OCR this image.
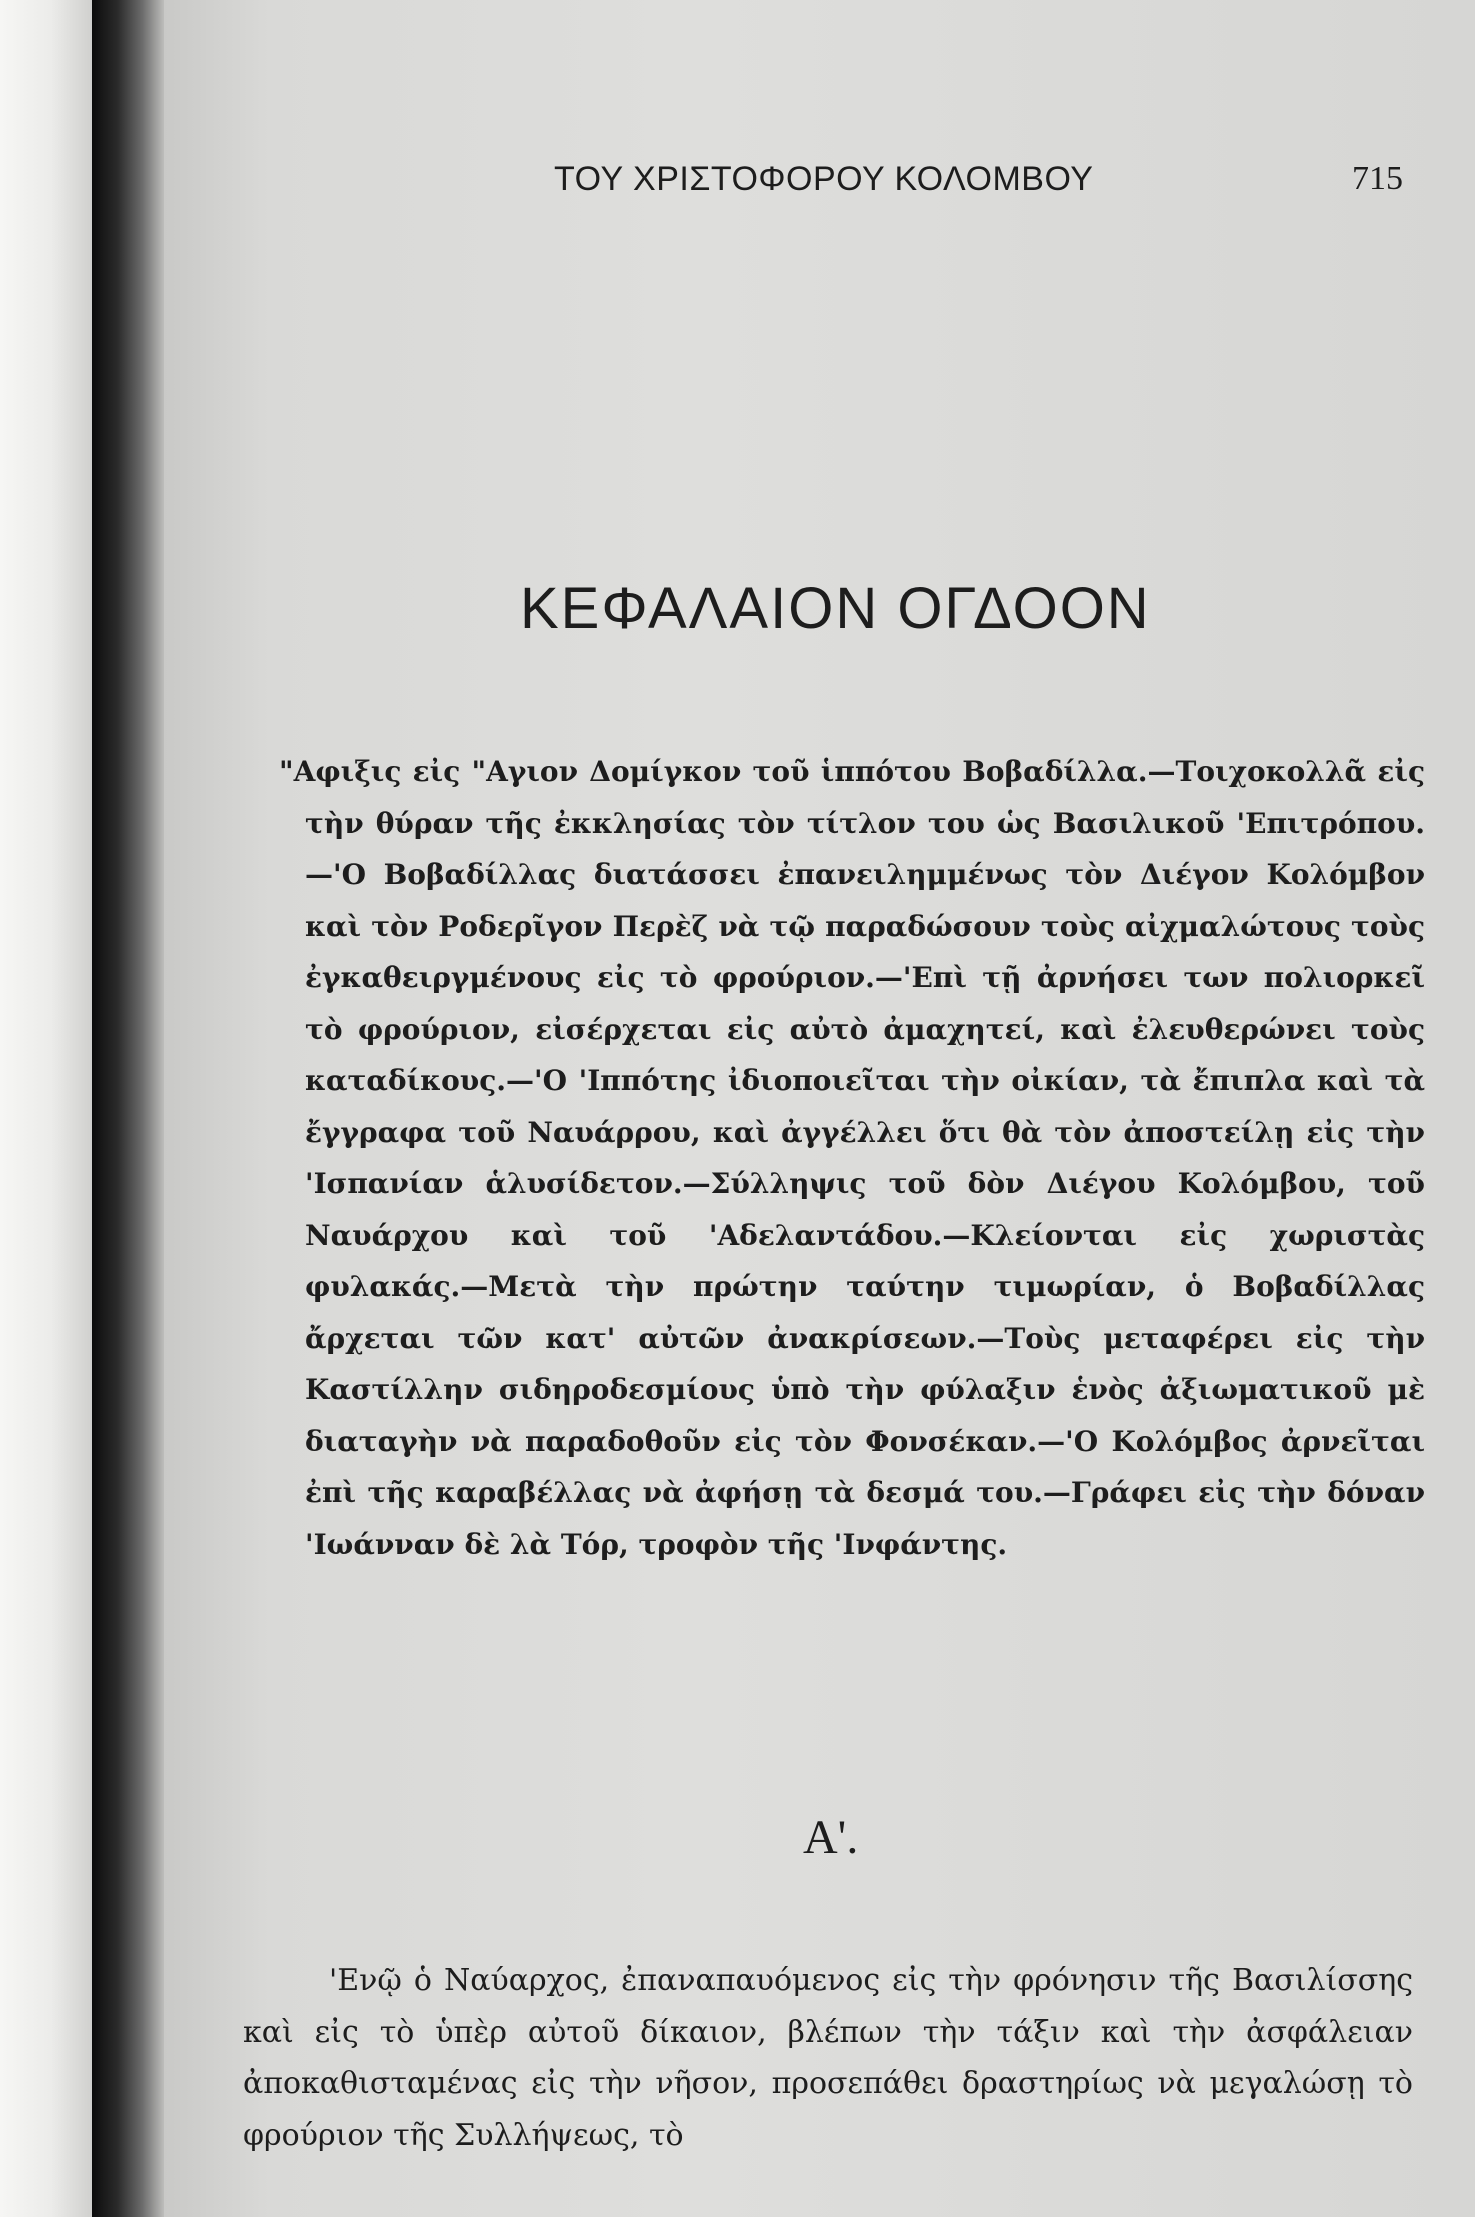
ΤΟΥ ΧΡΙΣΤΟΦΟΡΟΥ ΚΟΛΟΜΒΟΥ	715
ΚΕΦΑΛΑΙΟΝ ΟΓΔΟΟΝ

"Αφιξις εἰς "Αγιον Δομίγκον τοῦ ἱππότου Βοβαδίλλα.—Τοιχοκολλᾶ εἰς τὴν θύραν τῆς ἐκκλησίας τὸν τίτλον του ὡς Βασιλικοῦ 'Επιτρόπου.—'Ο Βοβαδίλλας διατάσσει ἐπανειλημμένως τὸν Διέγον Κολόμβον καὶ τὸν Ροδερῖγον Περὲζ νὰ τῷ παραδώσουν τοὺς αἰχμαλώτους τοὺς ἐγκαθειργμένους εἰς τὸ φρούριον.—'Επὶ τῇ ἀρνήσει των πολιορκεῖ τὸ φρούριον, εἰσέρχεται εἰς αὐτὸ ἀμαχητεί, καὶ ἐλευθερώνει τοὺς καταδίκους.—'Ο 'Ιππότης ἰδιοποιεῖται τὴν οἰκίαν, τὰ ἔπιπλα καὶ τὰ ἔγγραφα τοῦ Ναυάρρου, καὶ ἀγγέλλει ὅτι θὰ τὸν ἀποστείλῃ εἰς τὴν 'Ισπανίαν ἁλυσίδετον.—Σύλληψις τοῦ δὸν Διέγου Κολόμβου, τοῦ Ναυάρχου καὶ τοῦ 'Αδελαντάδου.—Κλείονται εἰς χωριστὰς φυλακάς.—Μετὰ τὴν πρώτην ταύτην τιμωρίαν, ὁ Βοβαδίλλας ἄρχεται τῶν κατ' αὐτῶν ἀνακρίσεων.—Τοὺς μεταφέρει εἰς τὴν Καστίλλην σιδηροδεσμίους ὑπὸ τὴν φύλαξιν ἑνὸς ἀξιωματικοῦ μὲ διαταγὴν νὰ παραδοθοῦν εἰς τὸν Φονσέκαν.—'Ο Κολόμβος ἀρνεῖται ἐπὶ τῆς καραβέλλας νὰ ἀφήσῃ τὰ δεσμά του.—Γράφει εἰς τὴν δόναν 'Ιωάνναν δὲ λὰ Τόρ, τροφὸν τῆς 'Ινφάντης.

Α'.

'Ενῷ ὁ Ναύαρχος, ἐπαναπαυόμενος εἰς τὴν φρόνησιν τῆς Βασιλίσσης καὶ εἰς τὸ ὑπὲρ αὐτοῦ δίκαιον, βλέπων τὴν τάξιν καὶ τὴν ἀσφάλειαν ἀποκαθισταμένας εἰς τὴν νῆσον, προσεπάθει δραστηρίως νὰ μεγαλώσῃ τὸ φρούριον τῆς Συλλήψεως, τὸ
